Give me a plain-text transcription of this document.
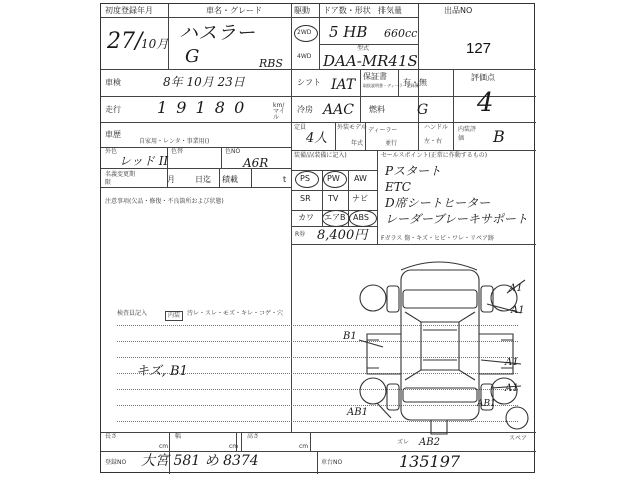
初度登録年月
27/
10月
車名・グレード
ハスラー
G	RBS
駆動
2WD
4WD
ドア数・形状
5 HB
排気量
660cc
型式
DAA-MR41S
出品NO
127
車検	8年 10月 23日
走行 1 9 1 8 0	km/マイル
車歴
自家用・レンタ・事業用()
シフト IAT
保証書
取扱説明書・ディーラー記録簿
有・無
評価点
4
冷房 AAC 燃料 G
定員
4人
外装モデル
年式
ディーラー
並行
ハンドル
左・右
内装評価	B
外色
レッド II
色替	色NO
A6R
名義変更期限	月	日迄 積載	t
注意事項(欠品・修復・不良箇所および状態)
装備品(装備に記入)
PS PW AW
SR TV ナビ
カワ エアB ABS
R券 8,400円
セールスポイント(正常に作動するもの)
Pスタート
ETC
D席シートヒーター
レーダーブレーキサポート
Fガラス 傷・キズ・ヒビ・ワレ・リペア跡
検査員記入	内装	汚レ・スレ・モズ・キレ・コゲ・穴
キズ, B1
A1
A1
B1
A1
AB1
A1
AB1
AB2
ズレ
スペア
長さ
cm
幅
cm
高さ
cm
登録NO 大宮 581 め 8374	車台NO	135197
